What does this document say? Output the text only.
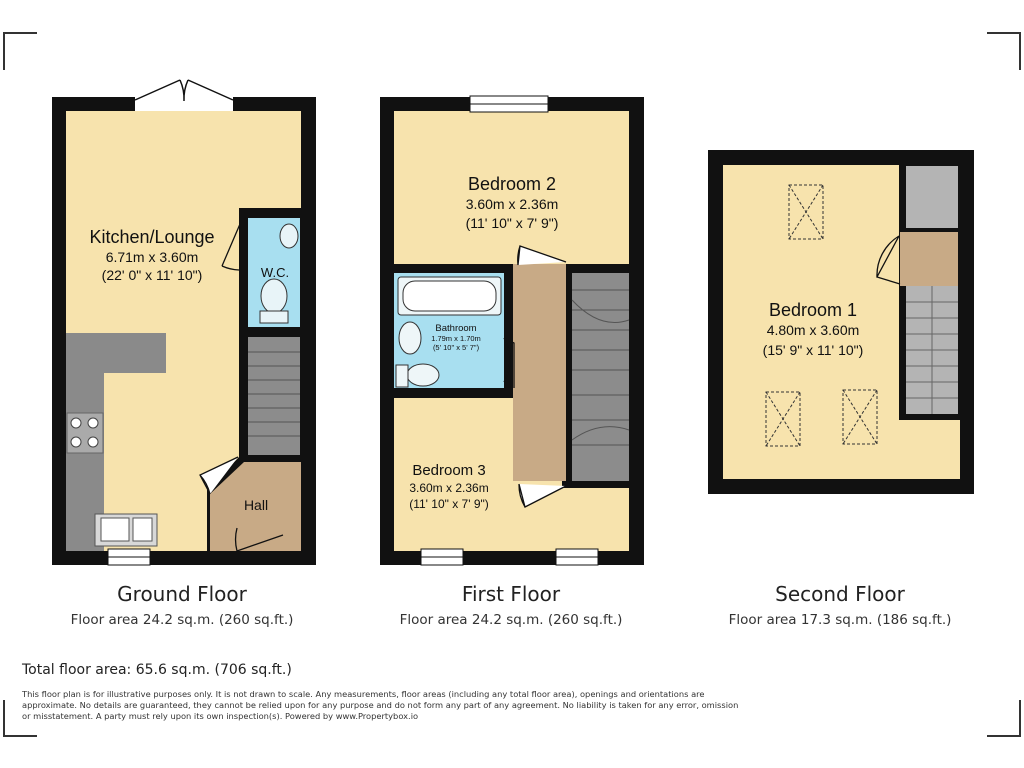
Kitchen/Lounge
6.71m x 3.60m
(22' 0" x 11' 10")	W.C.
Hall
Bedroom 2
3.60m x 2.36m
(11' 10" x 7' 9")
Bathroom
1.79m x 1.70m
(5' 10" x 5' 7")
Bedroom 3
3.60m x 2.36m
(11' 10" x 7' 9")
Bedroom 1
4.80m x 3.60m
(15' 9" x 11' 10")
Ground Floor
Floor area 24.2 sq.m. (260 sq.ft.)
First Floor
Floor area 24.2 sq.m. (260 sq.ft.)
Second Floor
Floor area 17.3 sq.m. (186 sq.ft.)
Total floor area: 65.6 sq.m. (706 sq.ft.)
This floor plan is for illustrative purposes only. It is not drawn to scale. Any measurements, floor areas (including any total floor area), openings and orientations are approximate. No details are guaranteed, they cannot be relied upon for any purpose and do not form any part of any agreement. No liability is taken for any error, omission or misstatement. A party must rely upon its own inspection(s). Powered by www.Propertybox.io
